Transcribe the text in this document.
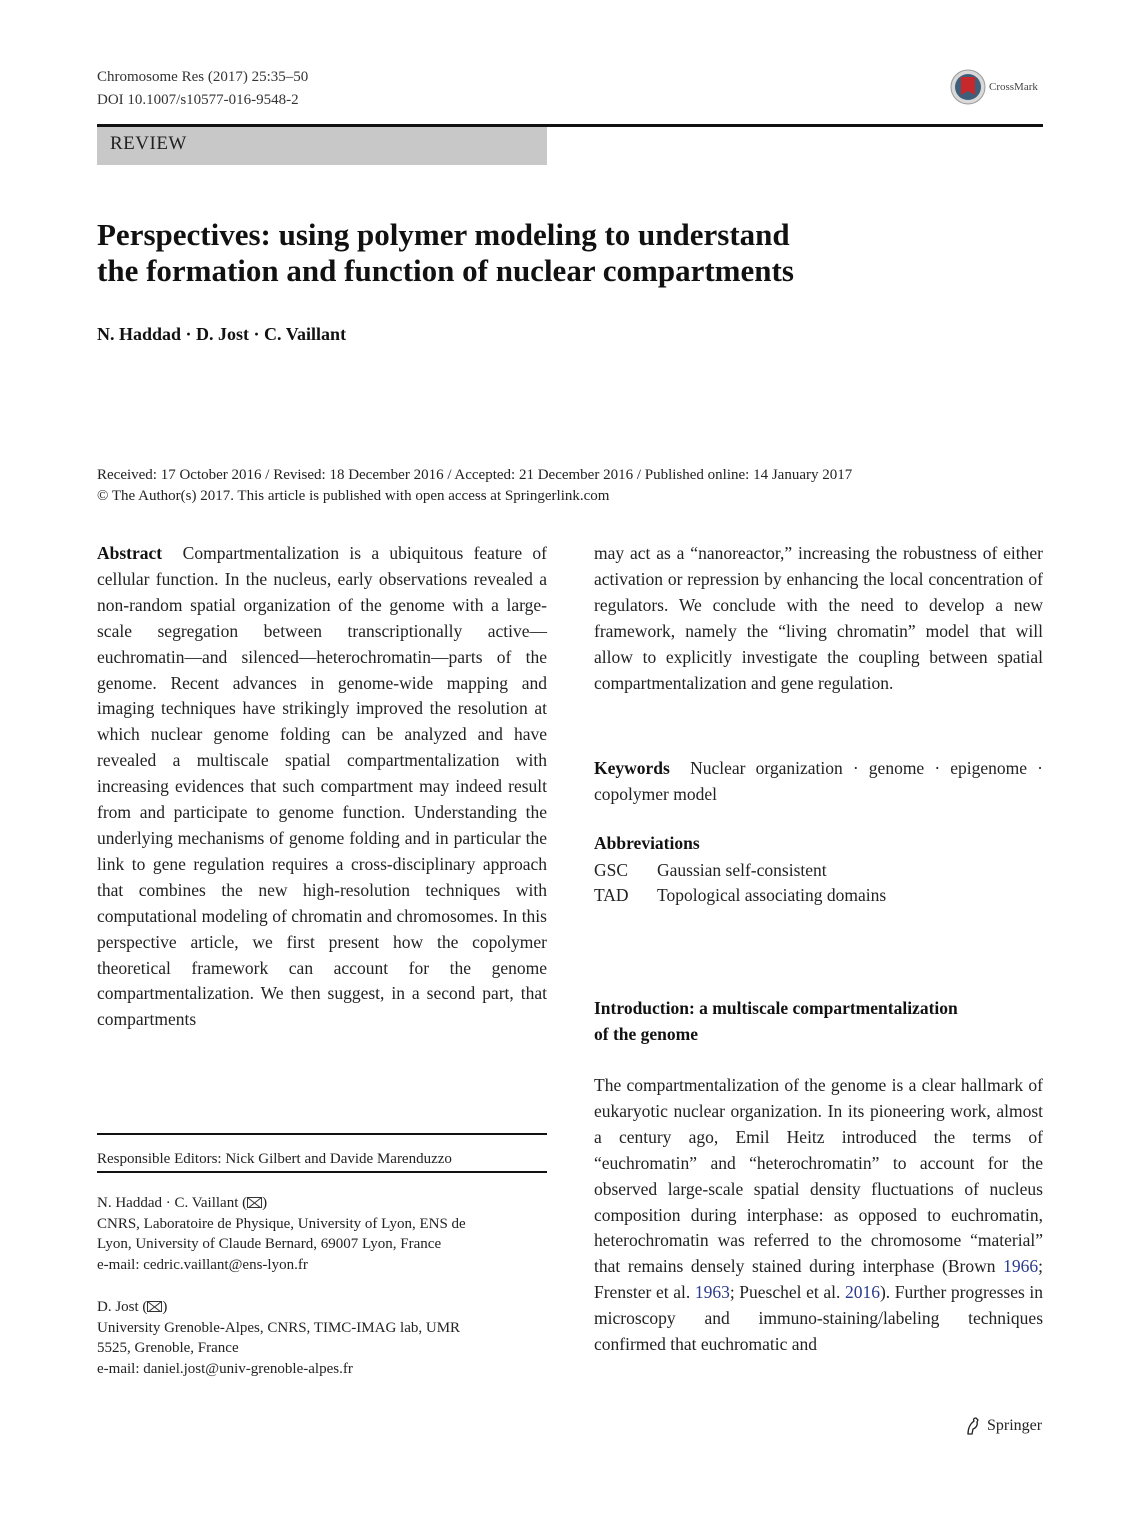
Chromosome Res (2017) 25:35–50
DOI 10.1007/s10577-016-9548-2
CrossMark
REVIEW
Perspectives: using polymer modeling to understand
the formation and function of nuclear compartments
N. Haddad · D. Jost · C. Vaillant
Received: 17 October 2016 / Revised: 18 December 2016 / Accepted: 21 December 2016 / Published online: 14 January 2017
© The Author(s) 2017. This article is published with open access at Springerlink.com
Abstract Compartmentalization is a ubiquitous feature of cellular function. In the nucleus, early observations revealed a non-random spatial organization of the genome with a large-scale segregation between transcriptionally active—euchromatin—and silenced—heterochromatin—parts of the genome. Recent advances in genome-wide mapping and imaging techniques have strikingly improved the resolution at which nuclear genome folding can be analyzed and have revealed a multiscale spatial compartmentalization with increasing evidences that such compartment may indeed result from and participate to genome function. Understanding the underlying mechanisms of genome folding and in particular the link to gene regulation requires a cross-disciplinary approach that combines the new high-resolution techniques with computational modeling of chromatin and chromosomes. In this perspective article, we first present how the copolymer theoretical framework can account for the genome compartmentalization. We then suggest, in a second part, that compartments
may act as a “nanoreactor,” increasing the robustness of either activation or repression by enhancing the local concentration of regulators. We conclude with the need to develop a new framework, namely the “living chromatin” model that will allow to explicitly investigate the coupling between spatial compartmentalization and gene regulation.
Keywords Nuclear organization · genome · epigenome · copolymer model
Abbreviations
GSC Gaussian self-consistent
TAD Topological associating domains
Introduction: a multiscale compartmentalization
of the genome
The compartmentalization of the genome is a clear hallmark of eukaryotic nuclear organization. In its pioneering work, almost a century ago, Emil Heitz introduced the terms of “euchromatin” and “heterochromatin” to account for the observed large-scale spatial density fluctuations of nucleus composition during interphase: as opposed to euchromatin, heterochromatin was referred to the chromosome “material” that remains densely stained during interphase (Brown 1966; Frenster et al. 1963; Pueschel et al. 2016). Further progresses in microscopy and immuno-staining/labeling techniques confirmed that euchromatic and
Responsible Editors: Nick Gilbert and Davide Marenduzzo
N. Haddad · C. Vaillant ( )
CNRS, Laboratoire de Physique, University of Lyon, ENS de
Lyon, University of Claude Bernard, 69007 Lyon, France
e-mail: cedric.vaillant@ens-lyon.fr
D. Jost ( )
University Grenoble-Alpes, CNRS, TIMC-IMAG lab, UMR
5525, Grenoble, France
e-mail: daniel.jost@univ-grenoble-alpes.fr
Springer
